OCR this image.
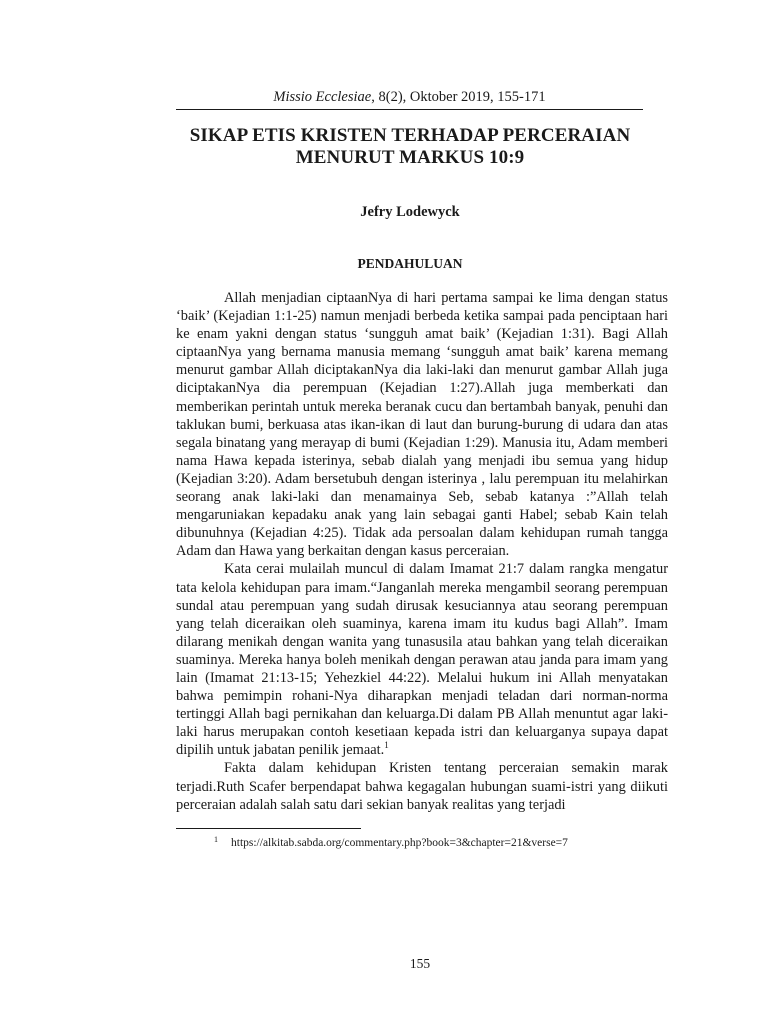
Missio Ecclesiae, 8(2), Oktober 2019, 155-171
SIKAP ETIS KRISTEN TERHADAP PERCERAIAN
MENURUT MARKUS 10:9
Jefry Lodewyck
PENDAHULUAN

Allah menjadian ciptaanNya di hari pertama sampai ke lima dengan status ‘baik’ (Kejadian 1:1-25) namun menjadi berbeda ketika sampai pada penciptaan hari ke enam yakni dengan status ‘sungguh amat baik’ (Kejadian 1:31). Bagi Allah ciptaanNya yang bernama manusia memang ‘sungguh amat baik’ karena memang menurut gambar Allah diciptakanNya dia laki-laki dan menurut gambar Allah juga diciptakanNya dia perempuan (Kejadian 1:27).Allah juga memberkati dan memberikan perintah untuk mereka beranak cucu dan bertambah banyak, penuhi dan taklukan bumi, berkuasa atas ikan-ikan di laut dan burung-burung di udara dan atas segala binatang yang merayap di bumi (Kejadian 1:29). Manusia itu, Adam memberi nama Hawa kepada isterinya, sebab dialah yang menjadi ibu semua yang hidup (Kejadian 3:20). Adam bersetubuh dengan isterinya , lalu perempuan itu melahirkan seorang anak laki-laki dan menamainya Seb, sebab katanya :”Allah telah mengaruniakan kepadaku anak yang lain sebagai ganti Habel; sebab Kain telah dibunuhnya (Kejadian 4:25). Tidak ada persoalan dalam kehidupan rumah tangga Adam dan Hawa yang berkaitan dengan kasus perceraian.

Kata cerai mulailah muncul di dalam Imamat 21:7 dalam rangka mengatur tata kelola kehidupan para imam.“Janganlah mereka mengambil seorang perempuan sundal atau perempuan yang sudah dirusak kesuciannya atau seorang perempuan yang telah diceraikan oleh suaminya, karena imam itu kudus bagi Allah”. Imam dilarang menikah dengan wanita yang tunasusila atau bahkan yang telah diceraikan suaminya. Mereka hanya boleh menikah dengan perawan atau janda para imam yang lain (Imamat 21:13-15; Yehezkiel 44:22). Melalui hukum ini Allah menyatakan bahwa pemimpin rohani-Nya diharapkan menjadi teladan dari norman-norma tertinggi Allah bagi pernikahan dan keluarga.Di dalam PB Allah menuntut agar laki-laki harus merupakan contoh kesetiaan kepada istri dan keluarganya supaya dapat dipilih untuk jabatan penilik jemaat.$^1$

Fakta dalam kehidupan Kristen tentang perceraian semakin marak terjadi.Ruth Scafer berpendapat bahwa kegagalan hubungan suami-istri yang diikuti perceraian adalah salah satu dari sekian banyak realitas yang terjadi

1 https://alkitab.sabda.org/commentary.php?book=3&chapter=21&verse=7
155
